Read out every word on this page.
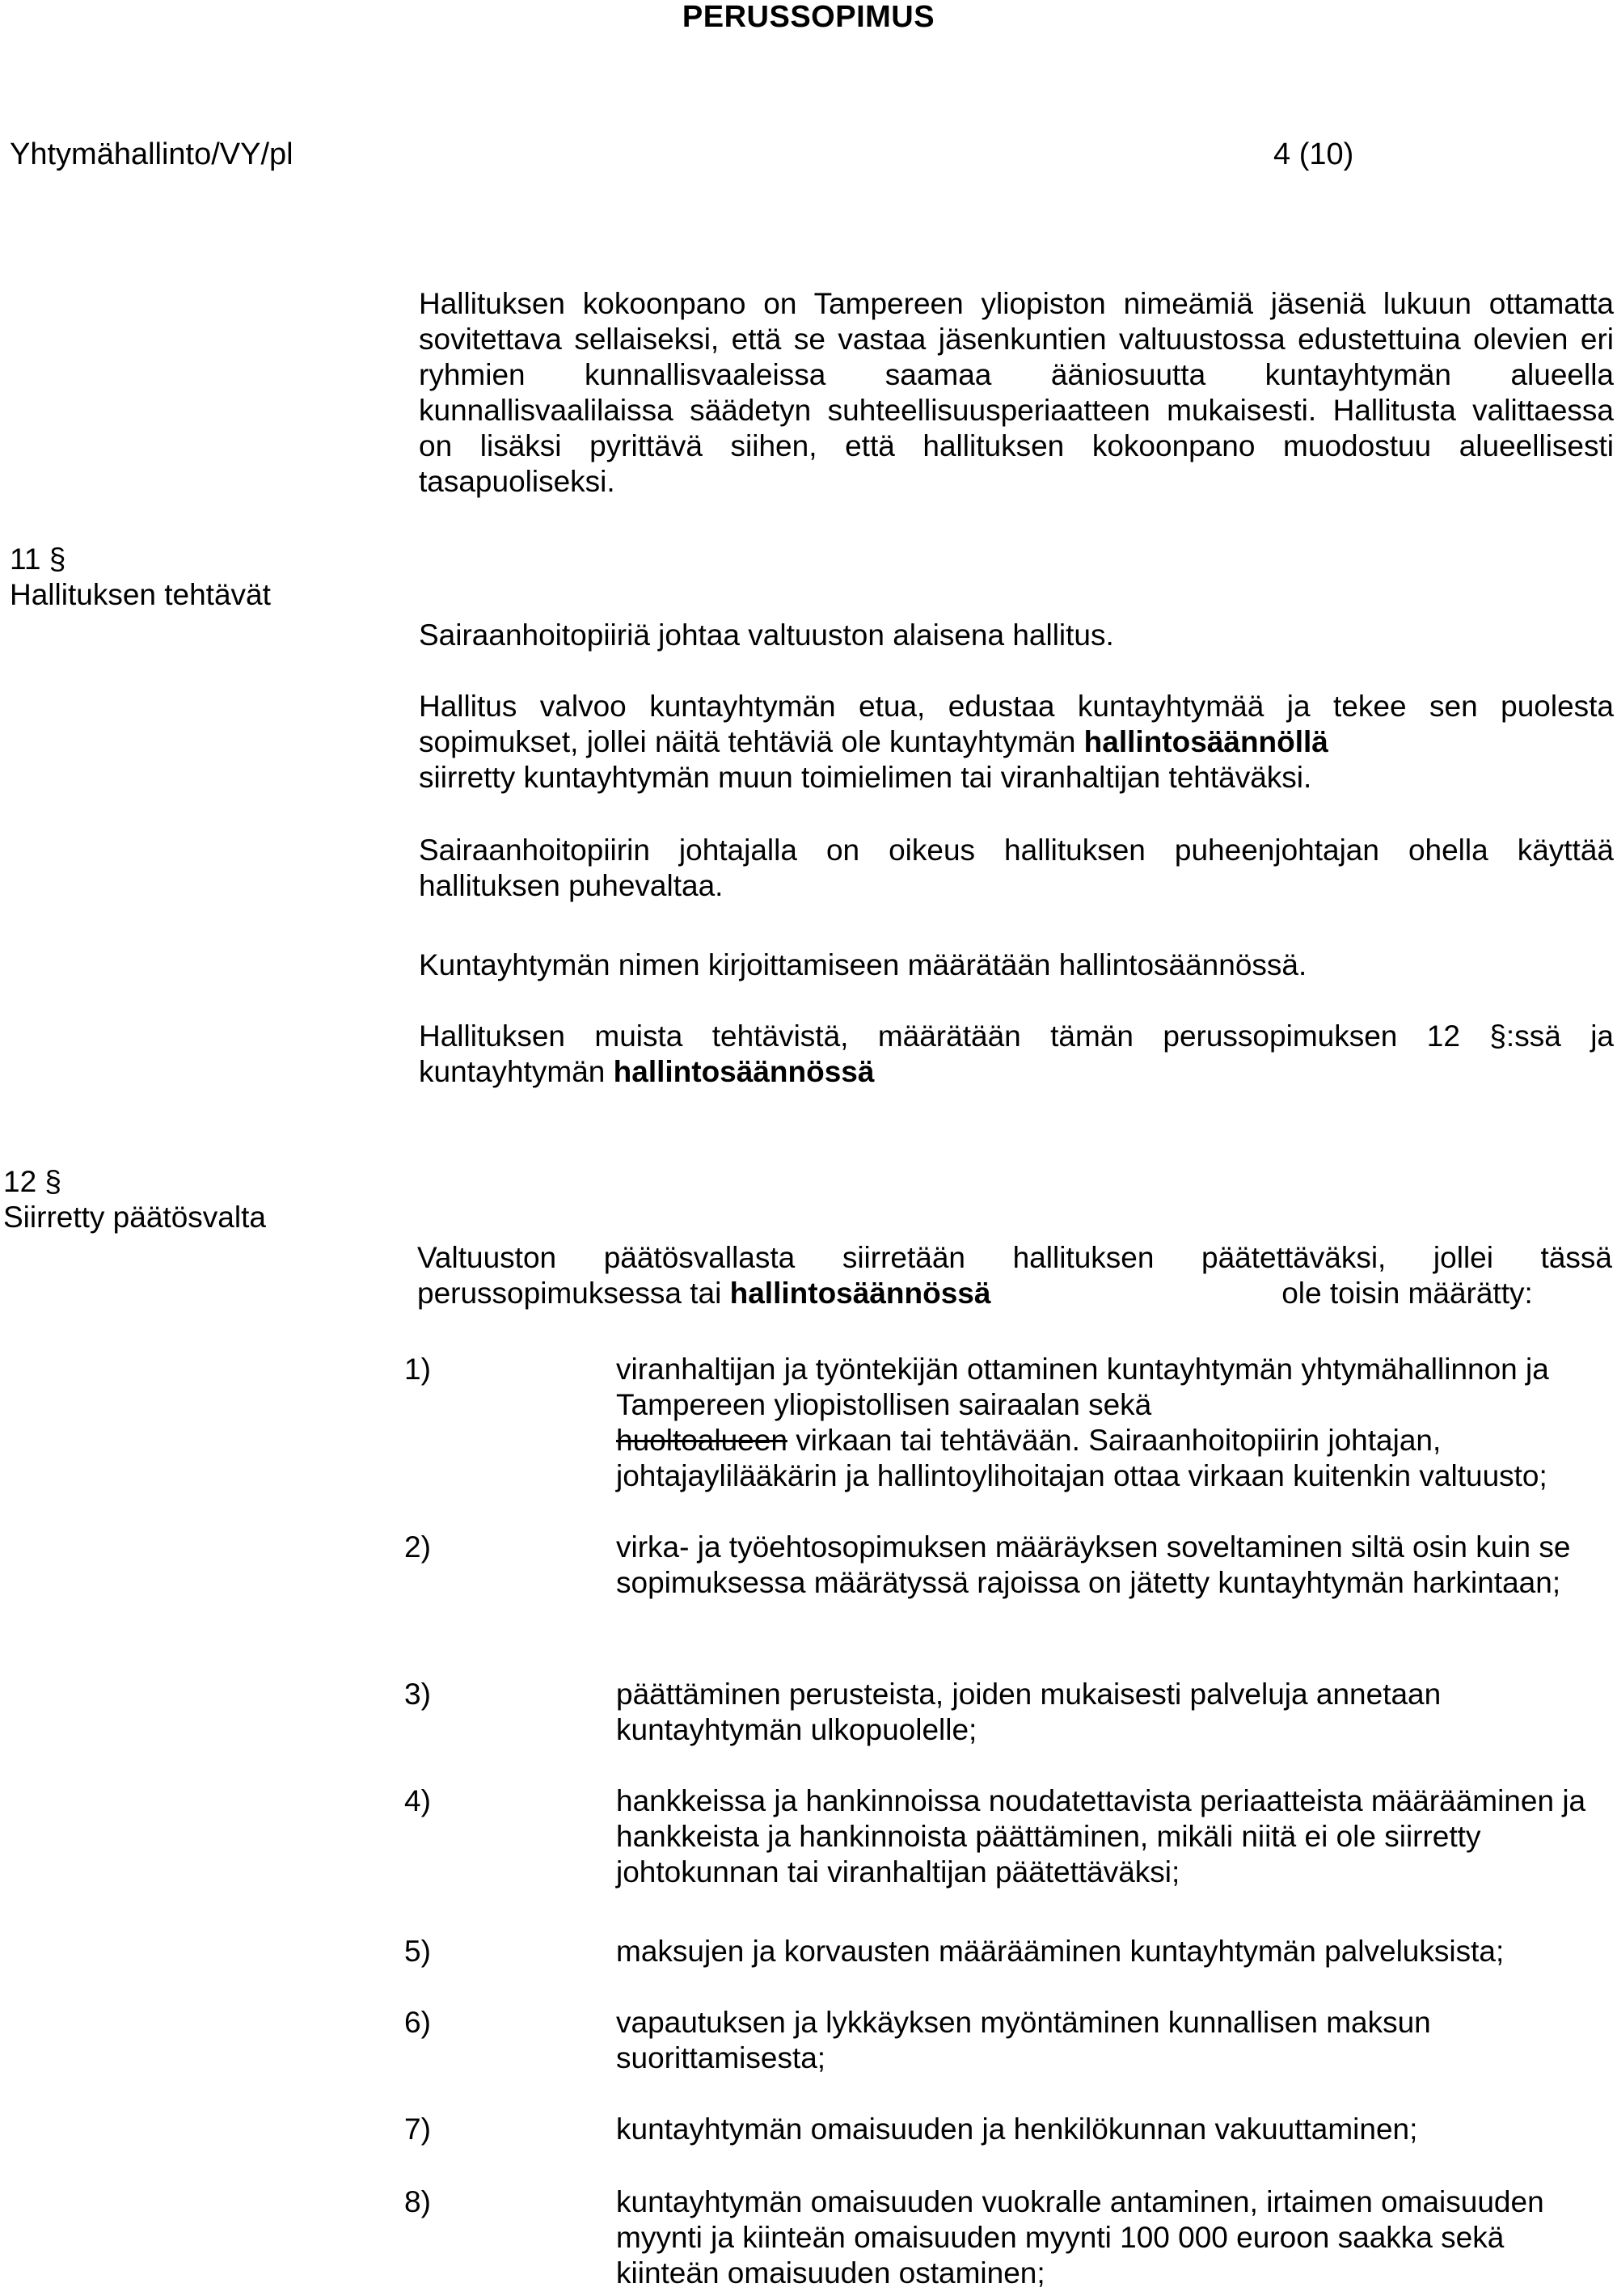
PERUSSOPIMUS
Yhtymähallinto/VY/pl	4 (10)
Hallituksen kokoonpano on Tampereen yliopiston nimeämiä jäseniä lukuun ottamatta sovitettava sellaiseksi, että se vastaa jäsenkuntien valtuustossa edustettuina olevien eri ryhmien kunnallisvaaleissa saamaa ääniosuutta kuntayhtymän alueella kunnallisvaalilaissa säädetyn suhteellisuusperiaatteen mukaisesti. Hallitusta valittaessa on lisäksi pyrittävä siihen, että hallituksen kokoonpano muodostuu alueellisesti tasapuoliseksi.
11 §
Hallituksen tehtävät
Sairaanhoitopiiriä johtaa valtuuston alaisena hallitus.
Hallitus valvoo kuntayhtymän etua, edustaa kuntayhtymää ja tekee sen puolesta sopimukset, jollei näitä tehtäviä ole kuntayhtymän hallintosäännöllä
siirretty kuntayhtymän muun toimielimen tai viranhaltijan tehtäväksi.
Sairaanhoitopiirin johtajalla on oikeus hallituksen puheenjohtajan ohella käyttää hallituksen puhevaltaa.
Kuntayhtymän nimen kirjoittamiseen määrätään hallintosäännössä.
Hallituksen muista tehtävistä, määrätään tämän perussopimuksen 12 §:ssä ja kuntayhtymän hallintosäännössä
12 §
Siirretty päätösvalta
Valtuuston päätösvallasta siirretään hallituksen päätettäväksi, jollei tässä perussopimuksessa tai hallintosäännössä	ole toisin määrätty:
1)	viranhaltijan ja työntekijän ottaminen kuntayhtymän yhtymähallinnon ja Tampereen yliopistollisen sairaalan sekä
huoltoalueen virkaan tai tehtävään. Sairaanhoitopiirin johtajan, johtajaylilääkärin ja hallintoylihoitajan ottaa virkaan kuitenkin valtuusto;
2)	virka- ja työehtosopimuksen määräyksen soveltaminen siltä osin kuin se sopimuksessa määrätyssä rajoissa on jätetty kuntayhtymän harkintaan;
3)	päättäminen perusteista, joiden mukaisesti palveluja annetaan kuntayhtymän ulkopuolelle;
4)	hankkeissa ja hankinnoissa noudatettavista periaatteista määrääminen ja hankkeista ja hankinnoista päättäminen, mikäli niitä ei ole siirretty johtokunnan tai viranhaltijan päätettäväksi;
5)	maksujen ja korvausten määrääminen kuntayhtymän palveluksista;
6)	vapautuksen ja lykkäyksen myöntäminen kunnallisen maksun suorittamisesta;
7)	kuntayhtymän omaisuuden ja henkilökunnan vakuuttaminen;
8)	kuntayhtymän omaisuuden vuokralle antaminen, irtaimen omaisuuden myynti ja kiinteän omaisuuden myynti 100 000 euroon saakka sekä kiinteän omaisuuden ostaminen;
